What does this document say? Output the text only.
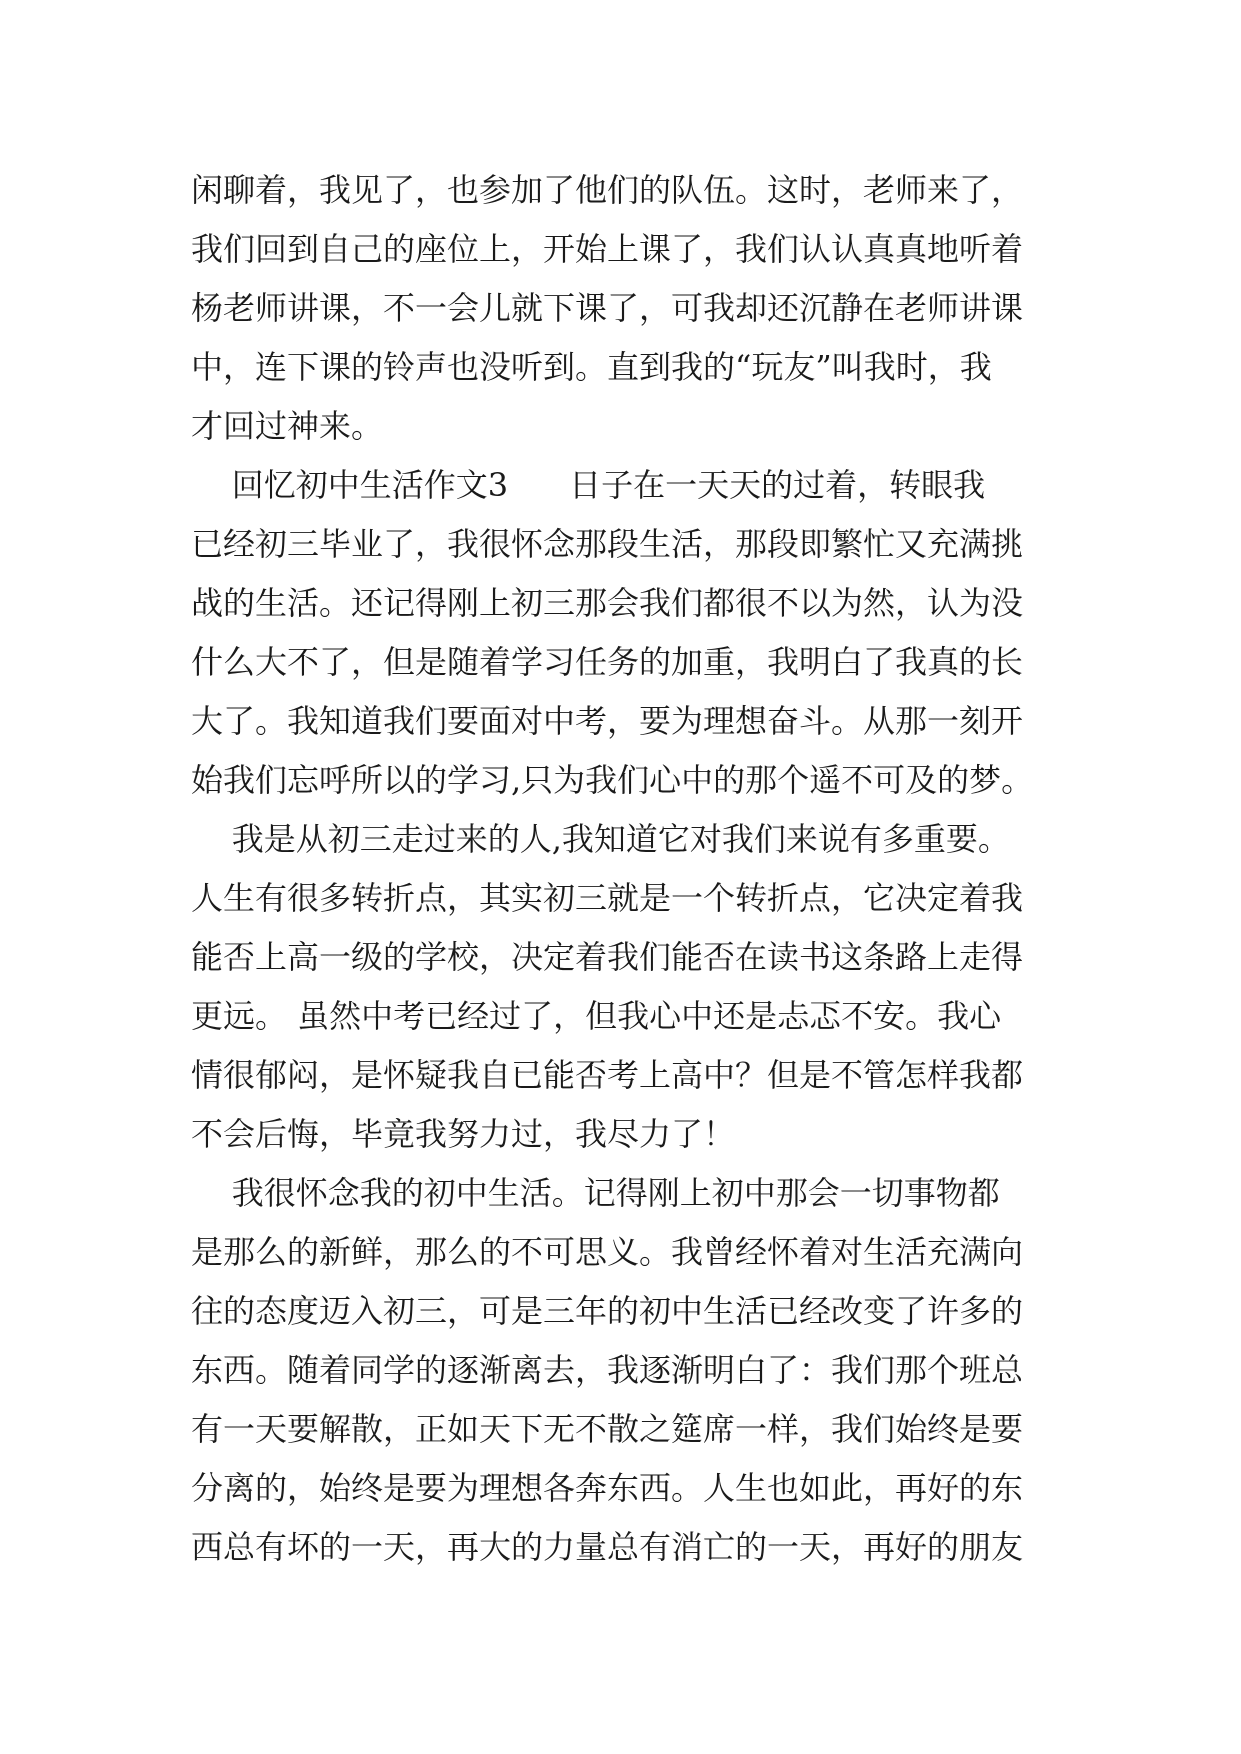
闲聊着，我见了，也参加了他们的队伍。这时，老师来了，
我们回到自己的座位上，开始上课了，我们认认真真地听着
杨老师讲课，不一会儿就下课了，可我却还沉静在老师讲课
中，连下课的铃声也没听到。直到我的“玩友”叫我时，我
才回过神来。
回忆初中生活作文3      日子在一天天的过着，转眼我
已经初三毕业了，我很怀念那段生活，那段即繁忙又充满挑
战的生活。还记得刚上初三那会我们都很不以为然，认为没
什么大不了，但是随着学习任务的加重，我明白了我真的长
大了。我知道我们要面对中考，要为理想奋斗。从那一刻开
始我们忘呼所以的学习,只为我们心中的那个遥不可及的梦。
我是从初三走过来的人,我知道它对我们来说有多重要。
人生有很多转折点，其实初三就是一个转折点，它决定着我
能否上高一级的学校，决定着我们能否在读书这条路上走得
更远。 虽然中考已经过了，但我心中还是忐忑不安。我心
情很郁闷，是怀疑我自已能否考上高中？但是不管怎样我都
不会后悔，毕竟我努力过，我尽力了！
我很怀念我的初中生活。记得刚上初中那会一切事物都
是那么的新鲜，那么的不可思义。我曾经怀着对生活充满向
往的态度迈入初三，可是三年的初中生活已经改变了许多的
东西。随着同学的逐渐离去，我逐渐明白了：我们那个班总
有一天要解散，正如天下无不散之筵席一样，我们始终是要
分离的，始终是要为理想各奔东西。人生也如此，再好的东
西总有坏的一天，再大的力量总有消亡的一天，再好的朋友
